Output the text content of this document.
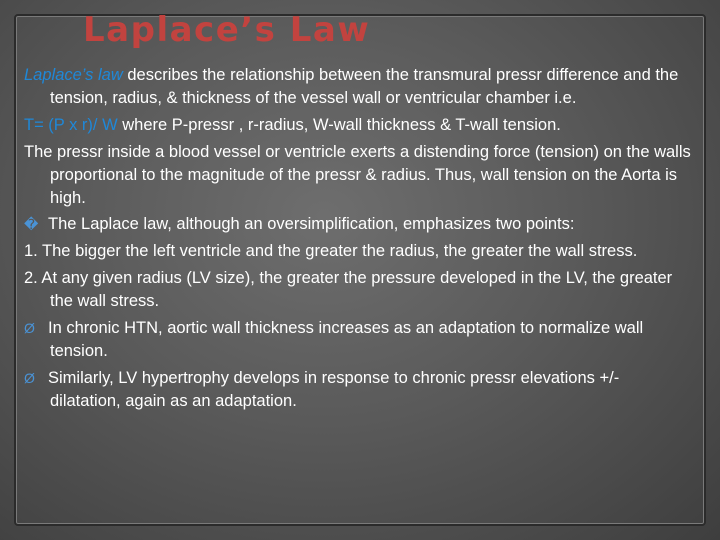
Laplace’s Law

Laplace’s law describes the relationship between the transmural pressr difference and the tension, radius, & thickness of the vessel wall or ventricular chamber i.e.

T= (P x r)/ W where P-pressr , r-radius, W-wall thickness & T-wall tension.

The pressr inside a blood vessel or ventricle exerts a distending force (tension) on the walls proportional to the magnitude of the pressr & radius. Thus, wall tension on the Aorta is high.

� The Laplace law, although an oversimplification, emphasizes two points:

1. The bigger the left ventricle and the greater the radius, the greater the wall stress.

2. At any given radius (LV size), the greater the pressure developed in the LV, the greater the wall stress.

Ø In chronic HTN, aortic wall thickness increases as an adaptation to normalize wall tension.

Ø Similarly, LV hypertrophy develops in response to chronic pressr elevations +/- dilatation, again as an adaptation.
